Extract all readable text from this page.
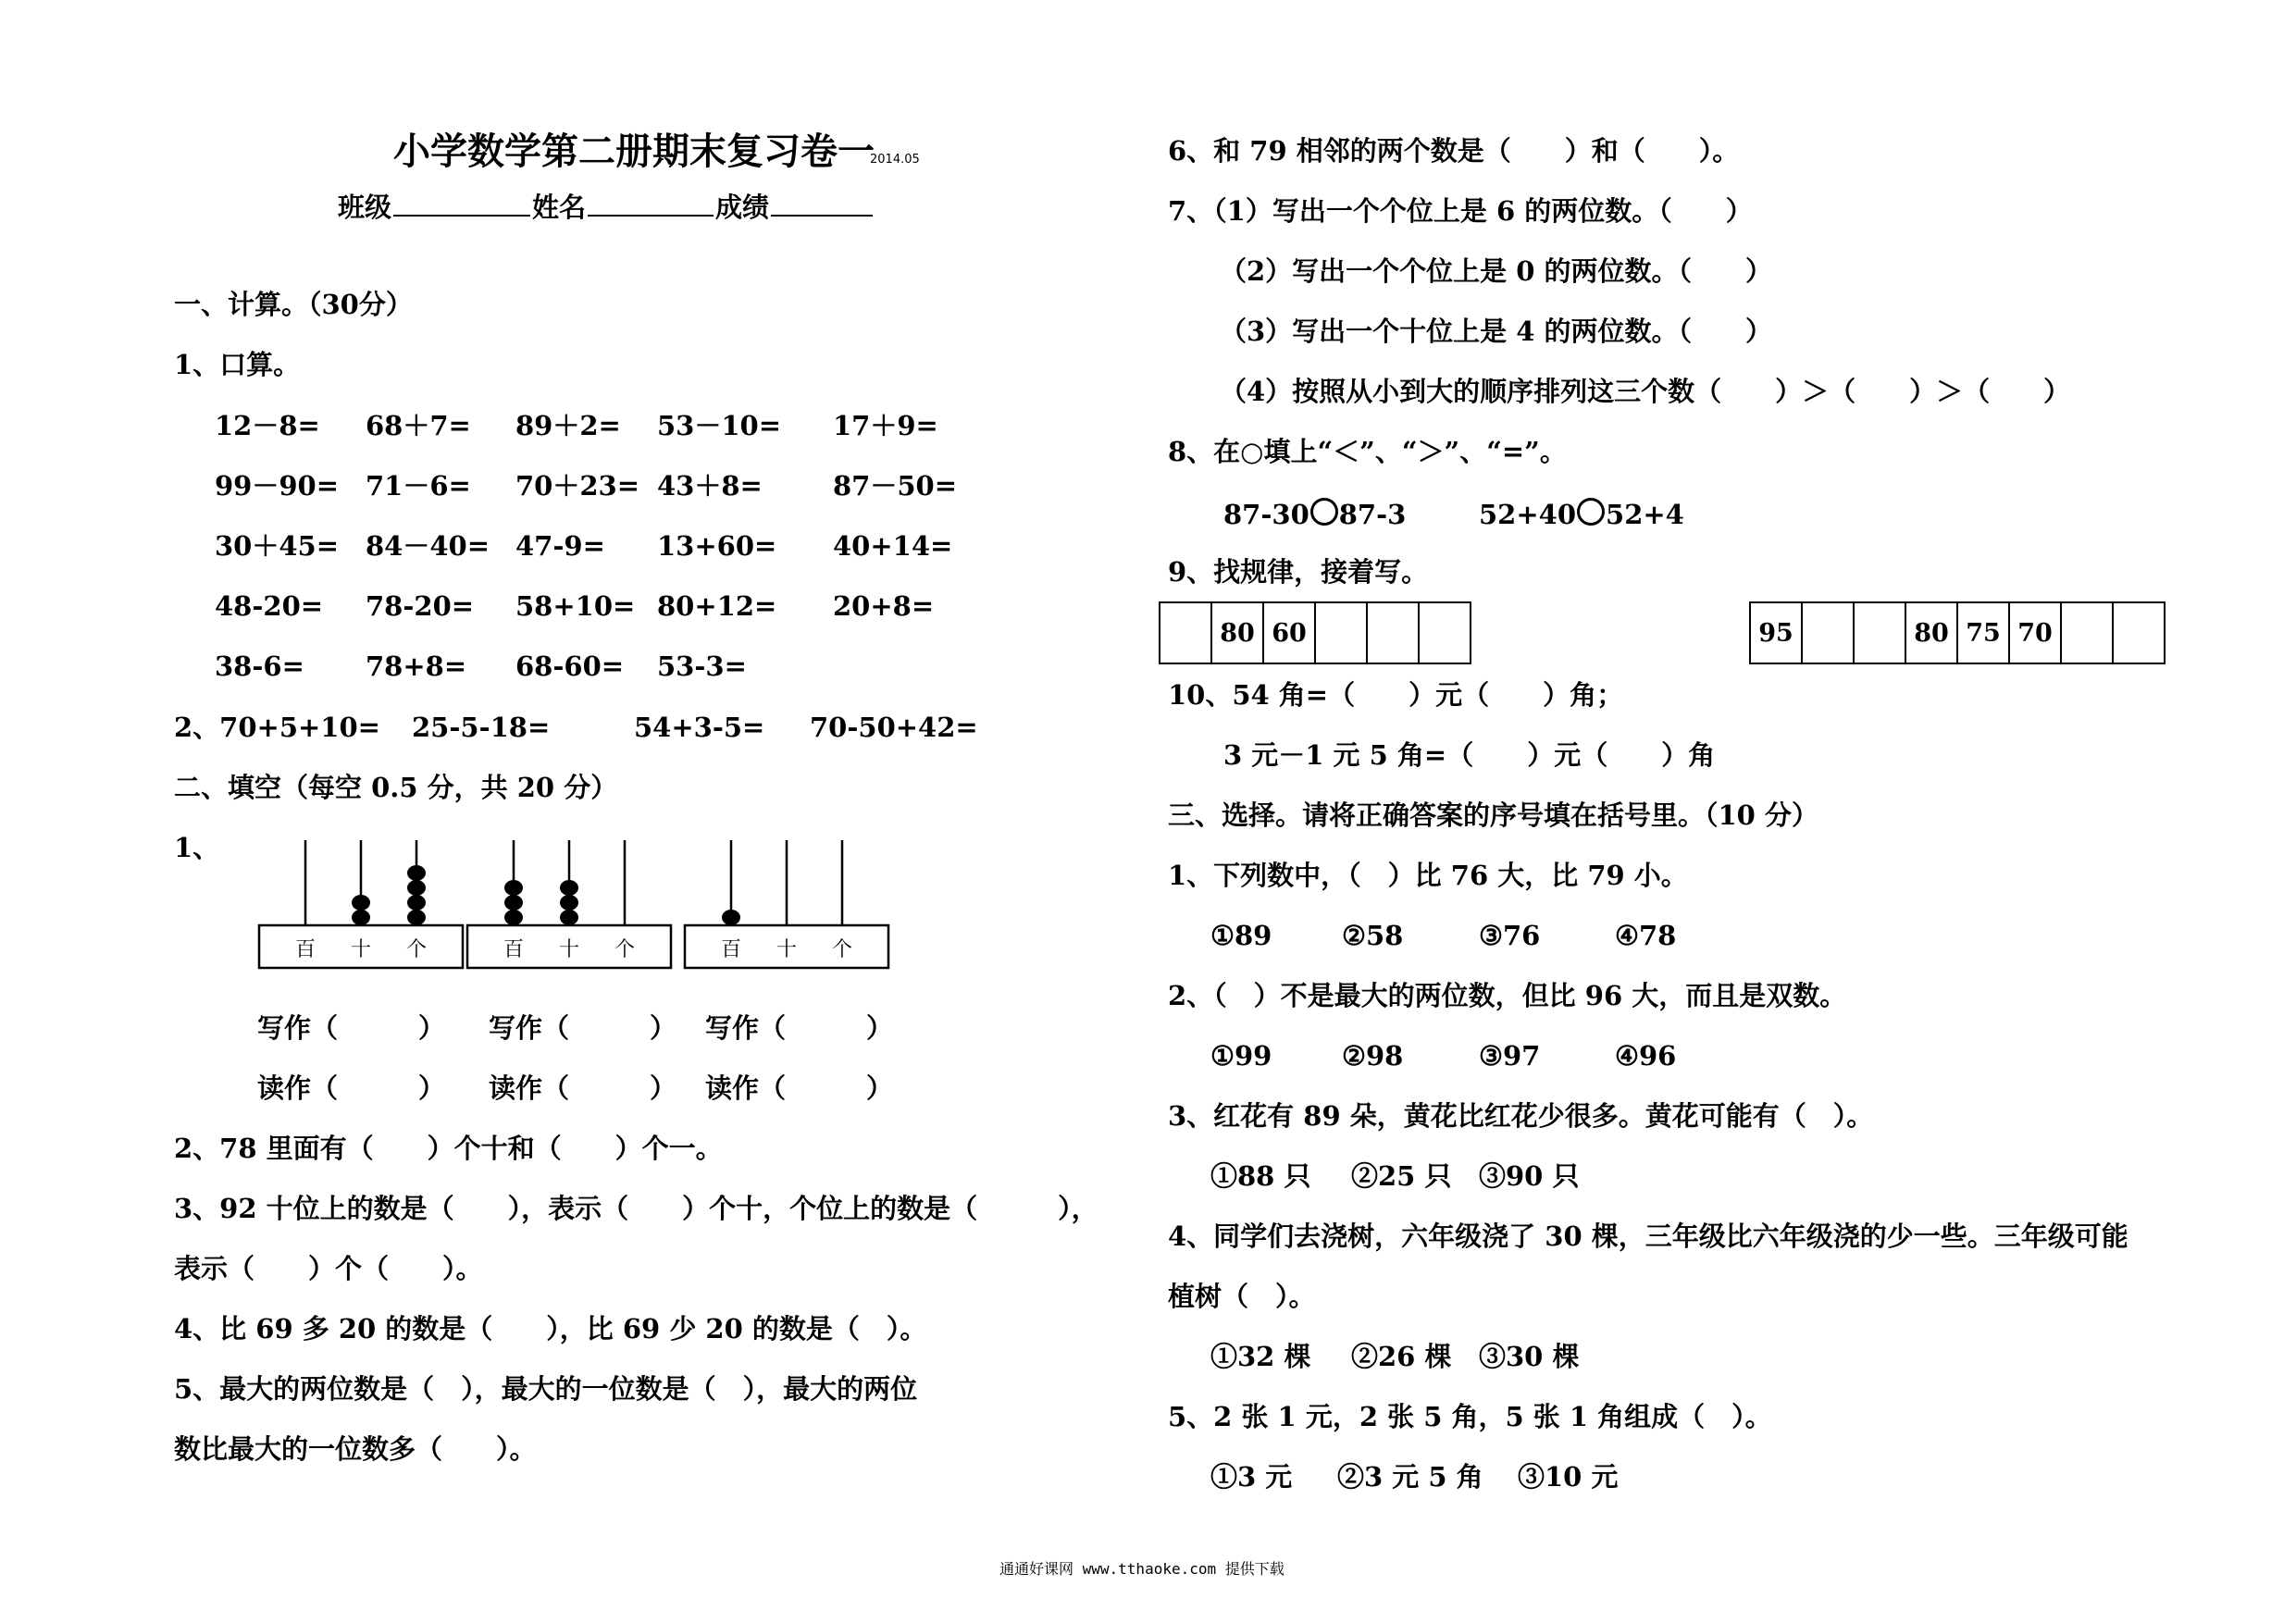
小学数学第二册期末复习卷一
2014.05
班级	姓名	成绩
一、计算。（30分）
1、口算。
12－8= 68＋7= 89＋2= 53－10= 17＋9=
99－90= 71－6= 70＋23= 43＋8=	87－50=
30＋45= 84－40= 47-9= 13+60= 40+14=
48-20= 78-20= 58+10= 80+12= 20+8=
38-6= 78+8= 68-60= 53-3=
2、70+5+10= 25-5-18=	54+3-5= 70-50+42=
二、填空（每空 0.5 分，共 20 分）
1、
百 十 个	百 十 个	百 十 个
写作（　　　） 写作（　　　） 写作（　　　）
读作（　　　） 读作（　　　） 读作（　　　）
2、78 里面有（　　）个十和（　　）个一。
3、92 十位上的数是（　　），表示（　　）个十，个位上的数是（　　　），
表示（　　）个（　　）。
4、比 69 多 20 的数是（　　），比 69 少 20 的数是（　）。
5、最大的两位数是（　），最大的一位数是（　），最大的两位
数比最大的一位数多（　　）。
6、和 79 相邻的两个数是（　　）和（　　）。
7、（1）写出一个个位上是 6 的两位数。（　　）
（2）写出一个个位上是 0 的两位数。（　　）
（3）写出一个十位上是 4 的两位数。（　　）
（4）按照从小到大的顺序排列这三个数（　　）＞（　　）＞（　　）
8、在○填上“＜”、“＞”、“=”。
87-30 87-3	52+40 52+4
9、找规律，接着写。
80 60	95	80 75 70
10、54 角=（　　）元（　　）角；
3 元－1 元 5 角=（　　）元（　　）角
三、选择。请将正确答案的序号填在括号里。（10 分）
1、下列数中，（　）比 76 大，比 79 小。
①89	②58	③76	④78
2、（　）不是最大的两位数，但比 96 大，而且是双数。
①99	②98	③97	④96
3、红花有 89 朵，黄花比红花少很多。黄花可能有（　）。
①88 只 ②25 只 ③90 只
4、同学们去浇树，六年级浇了 30 棵，三年级比六年级浇的少一些。三年级可能
植树（　）。
①32 棵 ②26 棵 ③30 棵
5、2 张 1 元，2 张 5 角，5 张 1 角组成（　）。
①3 元 ②3 元 5 角 ③10 元
通通好课网 www.tthaoke.com 提供下载
